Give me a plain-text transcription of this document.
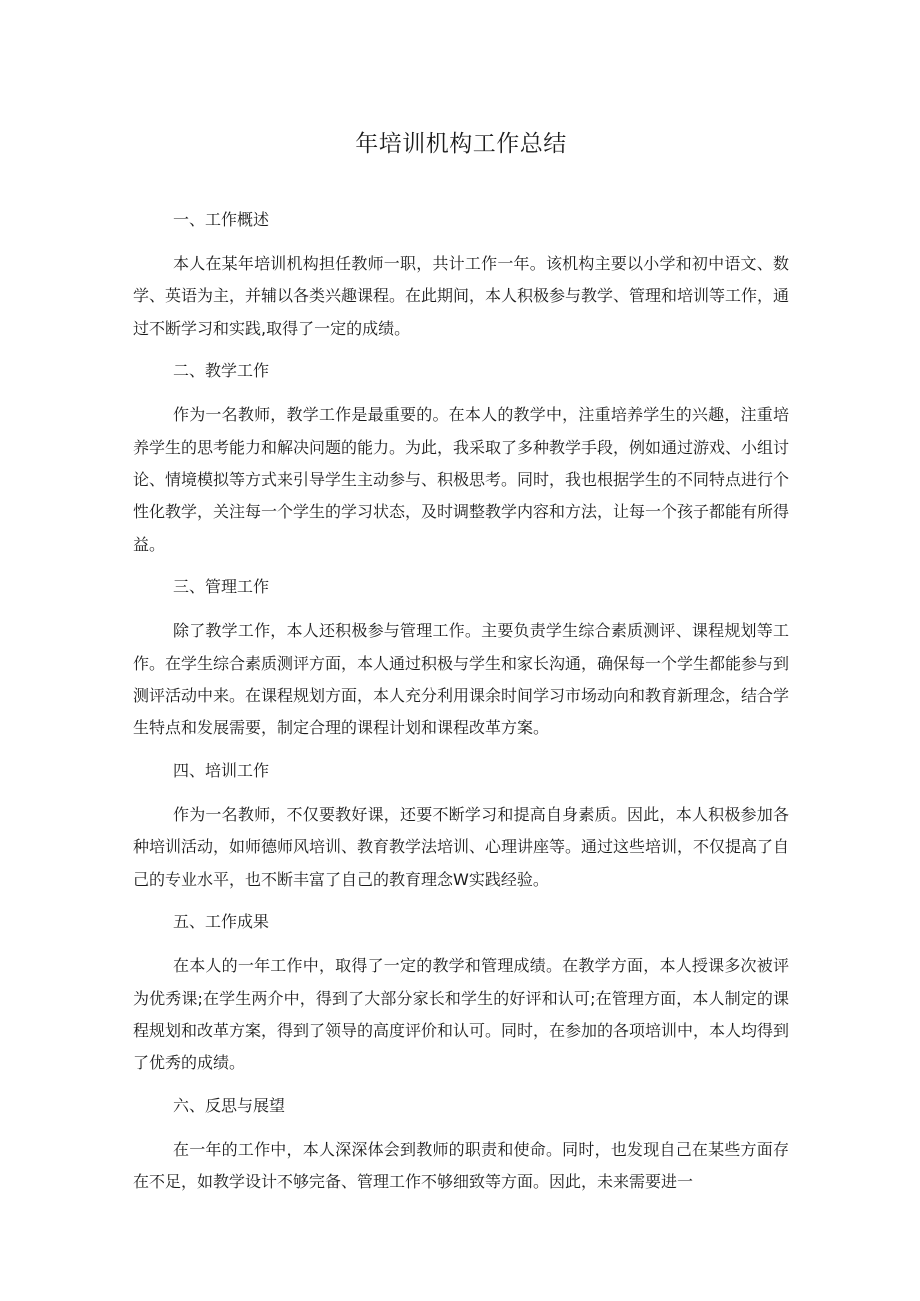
年培训机构工作总结

一、工作概述

本人在某年培训机构担任教师一职，共计工作一年。该机构主要以小学和初中语文、数学、英语为主，并辅以各类兴趣课程。在此期间，本人积极参与教学、管理和培训等工作，通过不断学习和实践,取得了一定的成绩。

二、教学工作

作为一名教师，教学工作是最重要的。在本人的教学中，注重培养学生的兴趣，注重培养学生的思考能力和解决问题的能力。为此，我采取了多种教学手段，例如通过游戏、小组讨论、情境模拟等方式来引导学生主动参与、积极思考。同时，我也根据学生的不同特点进行个性化教学，关注每一个学生的学习状态，及时调整教学内容和方法，让每一个孩子都能有所得益。

三、管理工作

除了教学工作，本人还积极参与管理工作。主要负责学生综合素质测评、课程规划等工作。在学生综合素质测评方面，本人通过积极与学生和家长沟通，确保每一个学生都能参与到测评活动中来。在课程规划方面，本人充分利用课余时间学习市场动向和教育新理念，结合学生特点和发展需要，制定合理的课程计划和课程改革方案。

四、培训工作

作为一名教师，不仅要教好课，还要不断学习和提高自身素质。因此，本人积极参加各种培训活动，如师德师风培训、教育教学法培训、心理讲座等。通过这些培训，不仅提高了自己的专业水平，也不断丰富了自己的教育理念W实践经验。

五、工作成果

在本人的一年工作中，取得了一定的教学和管理成绩。在教学方面，本人授课多次被评为优秀课;在学生两介中，得到了大部分家长和学生的好评和认可;在管理方面，本人制定的课程规划和改革方案，得到了领导的高度评价和认可。同时，在参加的各项培训中，本人均得到了优秀的成绩。

六、反思与展望

在一年的工作中，本人深深体会到教师的职责和使命。同时，也发现自己在某些方面存在不足，如教学设计不够完备、管理工作不够细致等方面。因此，未来需要进一
